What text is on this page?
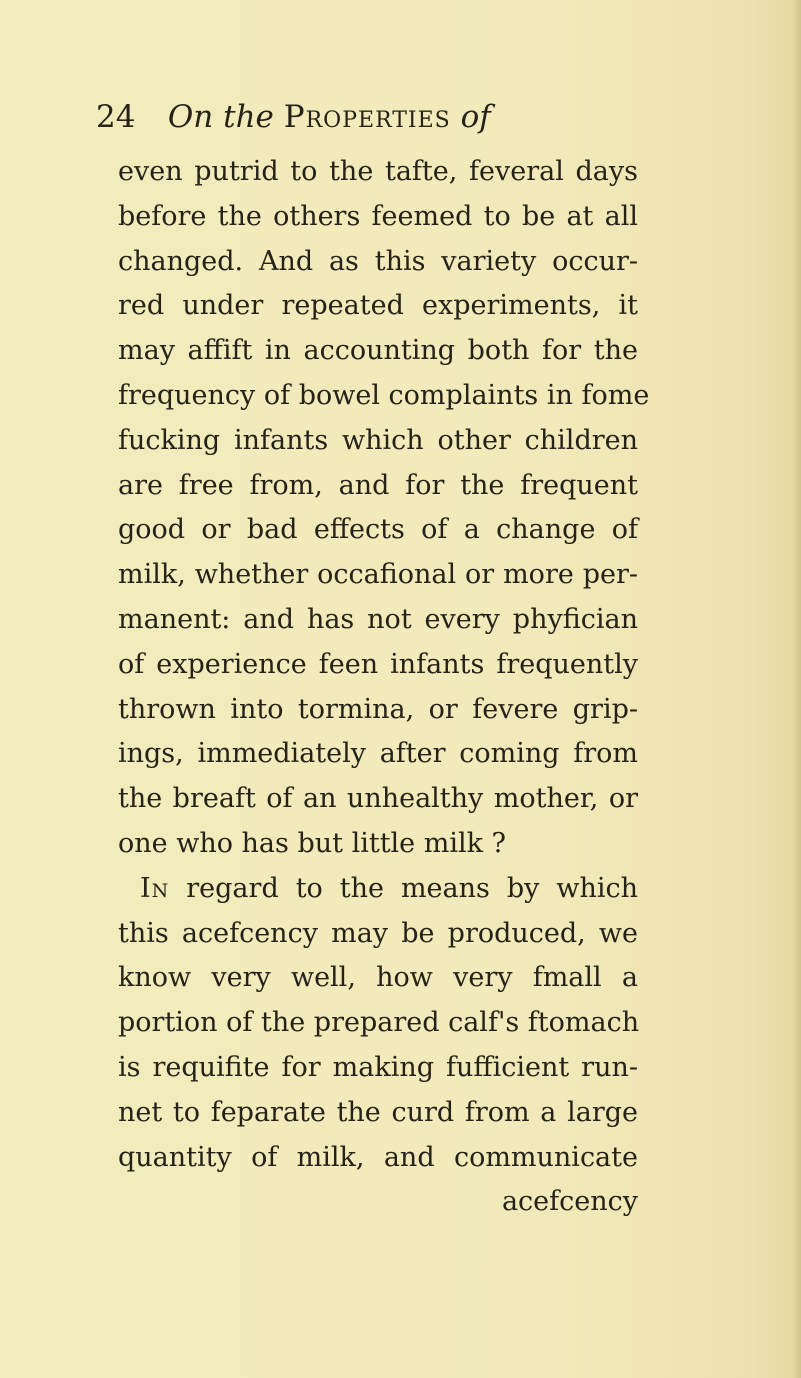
24 On the Properties of
even putrid to the tafte, feveral days
before the others feemed to be at all
changed. And as this variety occur-
red under repeated experiments, it
may affift in accounting both for the
frequency of bowel complaints in fome
fucking infants which other children
are free from, and for the frequent
good or bad effects of a change of
milk, whether occafional or more per-
manent: and has not every phyfician
of experience feen infants frequently
thrown into tormina, or fevere grip-
ings, immediately after coming from
the breaft of an unhealthy mother, or
one who has but little milk ?
In regard to the means by which
this acefcency may be produced, we
know very well, how very fmall a
portion of the prepared calf's ftomach
is requifite for making fufficient run-
net to feparate the curd from a large
quantity of milk, and communicate
acefcency
